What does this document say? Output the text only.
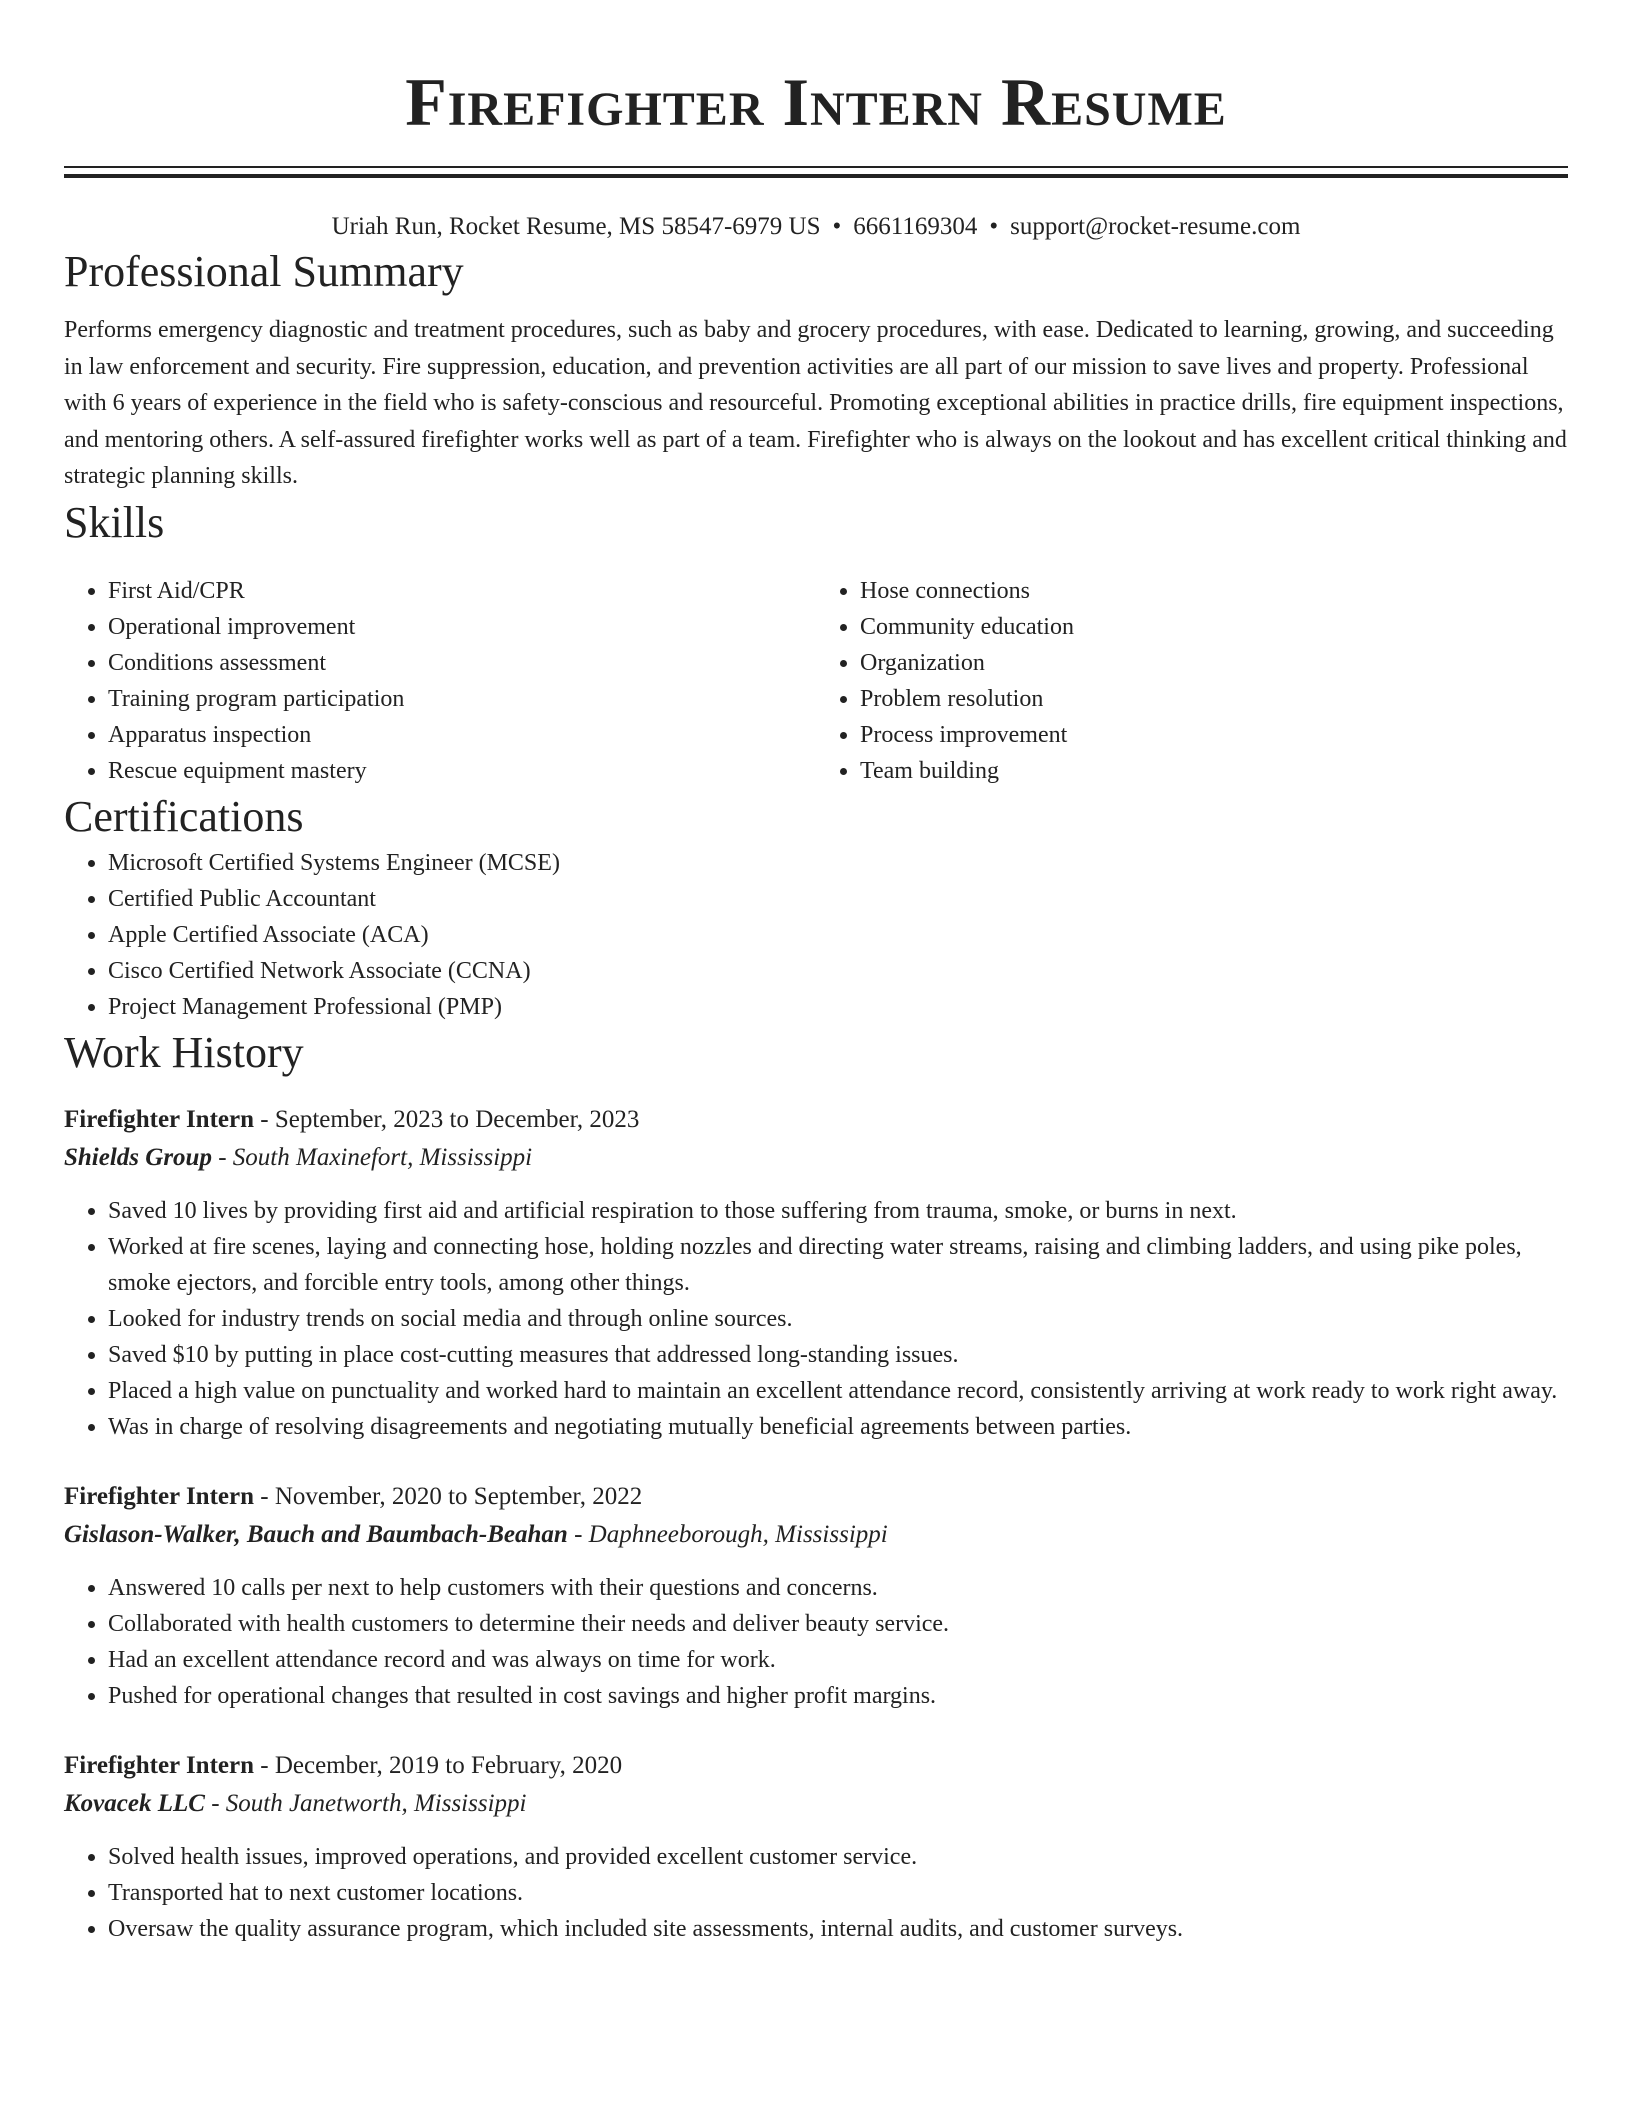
Firefighter Intern Resume
Uriah Run, Rocket Resume, MS 58547-6979 US • 6661169304 • support@rocket-resume.com
Professional Summary

Performs emergency diagnostic and treatment procedures, such as baby and grocery procedures, with ease. Dedicated to learning, growing, and succeeding in law enforcement and security. Fire suppression, education, and prevention activities are all part of our mission to save lives and property. Professional with 6 years of experience in the field who is safety-conscious and resourceful. Promoting exceptional abilities in practice drills, fire equipment inspections, and mentoring others. A self-assured firefighter works well as part of a team. Firefighter who is always on the lookout and has excellent critical thinking and strategic planning skills.

Skills
• First Aid/CPR
• Operational improvement
• Conditions assessment
• Training program participation
• Apparatus inspection
• Rescue equipment mastery
• Hose connections
• Community education
• Organization
• Problem resolution
• Process improvement
• Team building
Certifications
• Microsoft Certified Systems Engineer (MCSE)
• Certified Public Accountant
• Apple Certified Associate (ACA)
• Cisco Certified Network Associate (CCNA)
• Project Management Professional (PMP)
Work History
Firefighter Intern - September, 2023 to December, 2023
Shields Group - South Maxinefort, Mississippi
• Saved 10 lives by providing first aid and artificial respiration to those suffering from trauma, smoke, or burns in next.
• Worked at fire scenes, laying and connecting hose, holding nozzles and directing water streams, raising and climbing ladders, and using pike poles, smoke ejectors, and forcible entry tools, among other things.
• Looked for industry trends on social media and through online sources.
• Saved $10 by putting in place cost-cutting measures that addressed long-standing issues.
• Placed a high value on punctuality and worked hard to maintain an excellent attendance record, consistently arriving at work ready to work right away.
• Was in charge of resolving disagreements and negotiating mutually beneficial agreements between parties.
Firefighter Intern - November, 2020 to September, 2022
Gislason-Walker, Bauch and Baumbach-Beahan - Daphneeborough, Mississippi
• Answered 10 calls per next to help customers with their questions and concerns.
• Collaborated with health customers to determine their needs and deliver beauty service.
• Had an excellent attendance record and was always on time for work.
• Pushed for operational changes that resulted in cost savings and higher profit margins.
Firefighter Intern - December, 2019 to February, 2020
Kovacek LLC - South Janetworth, Mississippi
• Solved health issues, improved operations, and provided excellent customer service.
• Transported hat to next customer locations.
• Oversaw the quality assurance program, which included site assessments, internal audits, and customer surveys.
